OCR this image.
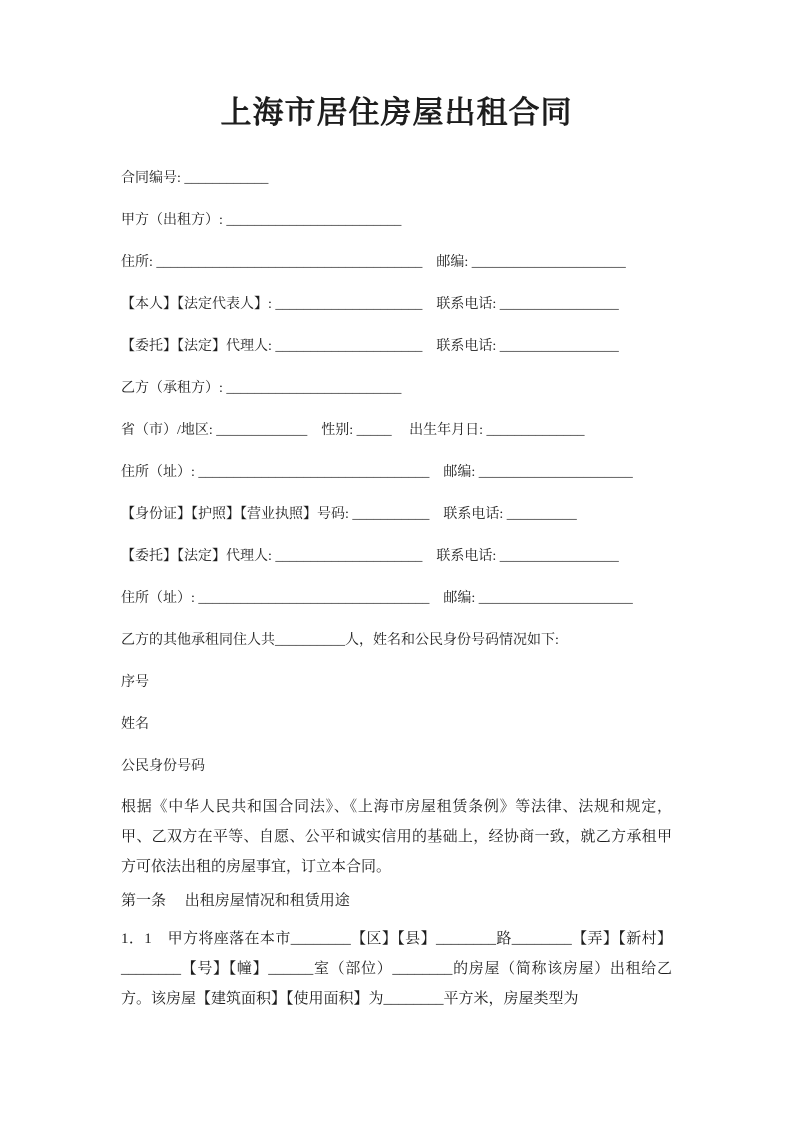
上海市居住房屋出租合同
合同编号: ____________
甲方（出租方）: _________________________
住所: ______________________________________　邮编: ______________________
【本人】【法定代表人】: _____________________　联系电话: _________________
【委托】【法定】代理人: _____________________　联系电话: _________________
乙方（承租方）: _________________________
省（市）/地区: _____________　性别: _____　 出生年月日: ______________
住所（址）: _________________________________　邮编: ______________________
【身份证】【护照】【营业执照】号码: ___________　联系电话: __________
【委托】【法定】代理人: _____________________　联系电话: _________________
住所（址）: _________________________________　邮编: ______________________
乙方的其他承租同住人共__________人，姓名和公民身份号码情况如下:
序号
姓名
公民身份号码

根据《中华人民共和国合同法》、《上海市房屋租赁条例》等法律、法规和规定，甲、乙双方在平等、自愿、公平和诚实信用的基础上，经协商一致，就乙方承租甲方可依法出租的房屋事宜，订立本合同。

第一条　 出租房屋情况和租赁用途

1．1　甲方将座落在本市________【区】【县】________路________【弄】【新村】________【号】【幢】______室（部位）________的房屋（简称该房屋）出租给乙方。该房屋【建筑面积】【使用面积】为________平方米，房屋类型为
